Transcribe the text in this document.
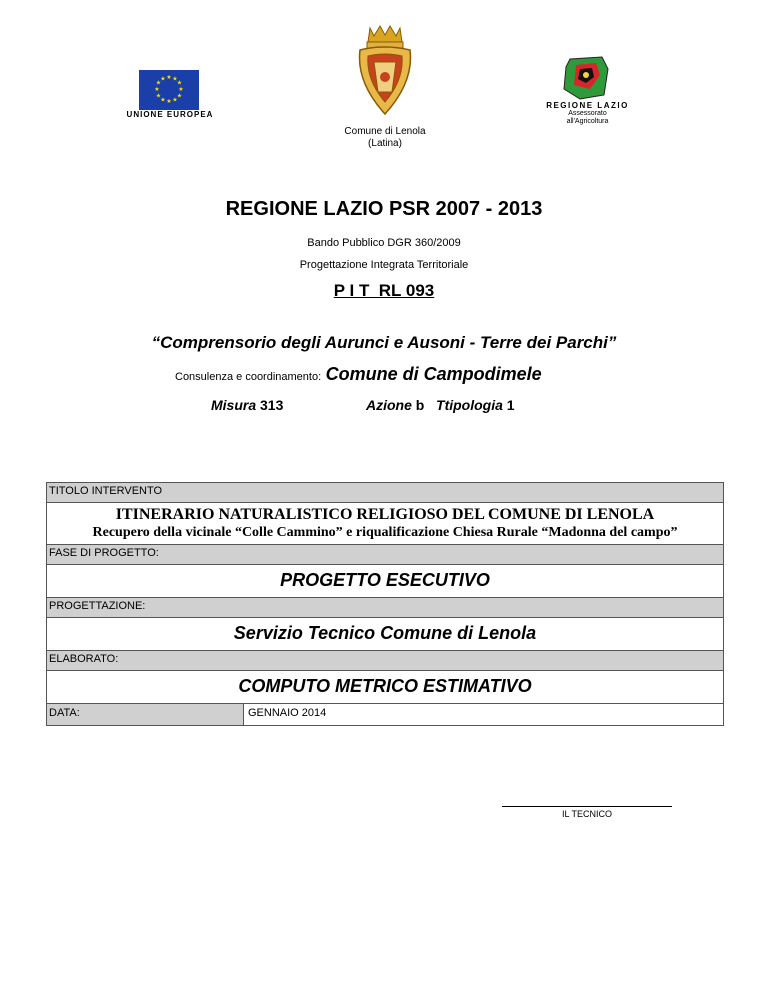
★ ★
★
★
★
★
★
★
★
★
★
★
UNIONE EUROPEA
Comune di Lenola
(Latina)
REGIONE LAZIO
Assessorato
all'Agricoltura
REGIONE LAZIO PSR 2007 - 2013
Bando Pubblico DGR 360/2009
Progettazione Integrata Territoriale
P I T  RL 093
“Comprensorio degli Aurunci e Ausoni - Terre dei Parchi”
Consulenza e coordinamento: Comune di Campodimele
Misura 313	Azione b Ttipologia 1
TITOLO INTERVENTO
ITINERARIO NATURALISTICO RELIGIOSO DEL COMUNE DI LENOLA
Recupero della vicinale “Colle Cammino” e riqualificazione Chiesa Rurale “Madonna del campo”
FASE DI PROGETTO:
PROGETTO ESECUTIVO
PROGETTAZIONE:
Servizio Tecnico Comune di Lenola
ELABORATO:
COMPUTO METRICO ESTIMATIVO
DATA:	GENNAIO 2014
IL TECNICO
